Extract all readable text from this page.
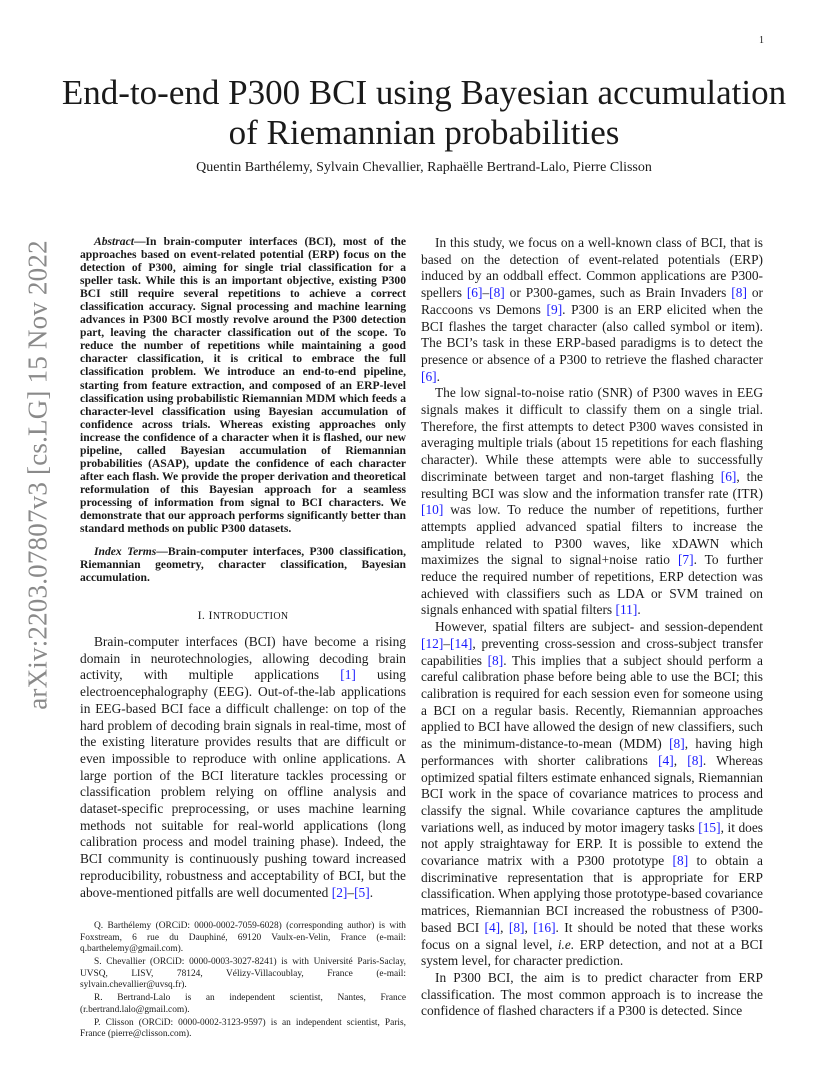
1
arXiv:2203.07807v3 [cs.LG] 15 Nov 2022
End-to-end P300 BCI using Bayesian accumulation
of Riemannian probabilities
Quentin Barthélemy, Sylvain Chevallier, Raphaëlle Bertrand-Lalo, Pierre Clisson

Abstract—In brain-computer interfaces (BCI), most of the approaches based on event-related potential (ERP) focus on the detection of P300, aiming for single trial classification for a speller task. While this is an important objective, existing P300 BCI still require several repetitions to achieve a correct classification accuracy. Signal processing and machine learning advances in P300 BCI mostly revolve around the P300 detection part, leaving the character classification out of the scope. To reduce the number of repetitions while maintaining a good character classification, it is critical to embrace the full classification problem. We introduce an end-to-end pipeline, starting from feature extraction, and composed of an ERP-level classification using probabilistic Riemannian MDM which feeds a character-level classification using Bayesian accumulation of confidence across trials. Whereas existing approaches only increase the confidence of a character when it is flashed, our new pipeline, called Bayesian accumulation of Riemannian probabilities (ASAP), update the confidence of each character after each flash. We provide the proper derivation and theoretical reformulation of this Bayesian approach for a seamless processing of information from signal to BCI characters. We demonstrate that our approach performs significantly better than standard methods on public P300 datasets.

Index Terms—Brain-computer interfaces, P300 classification, Riemannian geometry, character classification, Bayesian accumulation.

I. INTRODUCTION

Brain-computer interfaces (BCI) have become a rising domain in neurotechnologies, allowing decoding brain activity, with multiple applications [1] using electroencephalography (EEG). Out-of-the-lab applications in EEG-based BCI face a difficult challenge: on top of the hard problem of decoding brain signals in real-time, most of the existing literature provides results that are difficult or even impossible to reproduce with online applications. A large portion of the BCI literature tackles processing or classification problem relying on offline analysis and dataset-specific preprocessing, or uses machine learning methods not suitable for real-world applications (long calibration process and model training phase). Indeed, the BCI community is continuously pushing toward increased reproducibility, robustness and acceptability of BCI, but the above-mentioned pitfalls are well documented [2]–[5].

Q. Barthélemy (ORCiD: 0000-0002-7059-6028) (corresponding author) is with Foxstream, 6 rue du Dauphiné, 69120 Vaulx-en-Velin, France (e-mail: q.barthelemy@gmail.com).

S. Chevallier (ORCiD: 0000-0003-3027-8241) is with Université Paris-Saclay, UVSQ, LISV, 78124, Vélizy-Villacoublay, France (e-mail: sylvain.chevallier@uvsq.fr).

R. Bertrand-Lalo is an independent scientist, Nantes, France (r.bertrand.lalo@gmail.com).

P. Clisson (ORCiD: 0000-0002-3123-9597) is an independent scientist, Paris, France (pierre@clisson.com).

In this study, we focus on a well-known class of BCI, that is based on the detection of event-related potentials (ERP) induced by an oddball effect. Common applications are P300-spellers [6]–[8] or P300-games, such as Brain Invaders [8] or Raccoons vs Demons [9]. P300 is an ERP elicited when the BCI flashes the target character (also called symbol or item). The BCI’s task in these ERP-based paradigms is to detect the presence or absence of a P300 to retrieve the flashed character [6].

The low signal-to-noise ratio (SNR) of P300 waves in EEG signals makes it difficult to classify them on a single trial. Therefore, the first attempts to detect P300 waves consisted in averaging multiple trials (about 15 repetitions for each flashing character). While these attempts were able to successfully discriminate between target and non-target flashing [6], the resulting BCI was slow and the information transfer rate (ITR) [10] was low. To reduce the number of repetitions, further attempts applied advanced spatial filters to increase the amplitude related to P300 waves, like xDAWN which maximizes the signal to signal+noise ratio [7]. To further reduce the required number of repetitions, ERP detection was achieved with classifiers such as LDA or SVM trained on signals enhanced with spatial filters [11].

However, spatial filters are subject- and session-dependent [12]–[14], preventing cross-session and cross-subject transfer capabilities [8]. This implies that a subject should perform a careful calibration phase before being able to use the BCI; this calibration is required for each session even for someone using a BCI on a regular basis. Recently, Riemannian approaches applied to BCI have allowed the design of new classifiers, such as the minimum-distance-to-mean (MDM) [8], having high performances with shorter calibrations [4], [8]. Whereas optimized spatial filters estimate enhanced signals, Riemannian BCI work in the space of covariance matrices to process and classify the signal. While covariance captures the amplitude variations well, as induced by motor imagery tasks [15], it does not apply straightaway for ERP. It is possible to extend the covariance matrix with a P300 prototype [8] to obtain a discriminative representation that is appropriate for ERP classification. When applying those prototype-based covariance matrices, Riemannian BCI increased the robustness of P300-based BCI [4], [8], [16]. It should be noted that these works focus on a signal level, i.e. ERP detection, and not at a BCI system level, for character prediction.

In P300 BCI, the aim is to predict character from ERP classification. The most common approach is to increase the confidence of flashed characters if a P300 is detected. Since
